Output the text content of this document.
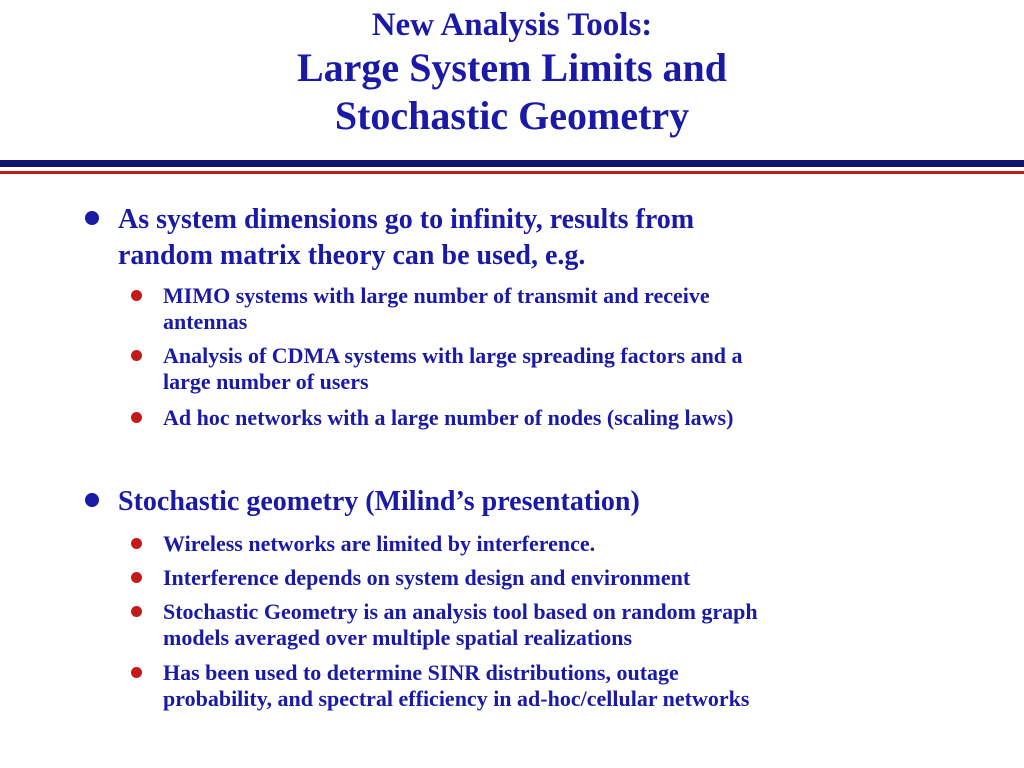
New Analysis Tools:
Large System Limits and
Stochastic Geometry
As system dimensions go to infinity, results from
random matrix theory can be used, e.g.
MIMO systems with large number of transmit and receive
antennas
Analysis of CDMA systems with large spreading factors and a
large number of users
Ad hoc networks with a large number of nodes (scaling laws)
Stochastic geometry (Milind’s presentation)
Wireless networks are limited by interference.
Interference depends on system design and environment
Stochastic Geometry is an analysis tool based on random graph
models averaged over multiple spatial realizations
Has been used to determine SINR distributions, outage
probability, and spectral efficiency in ad-hoc/cellular networks
